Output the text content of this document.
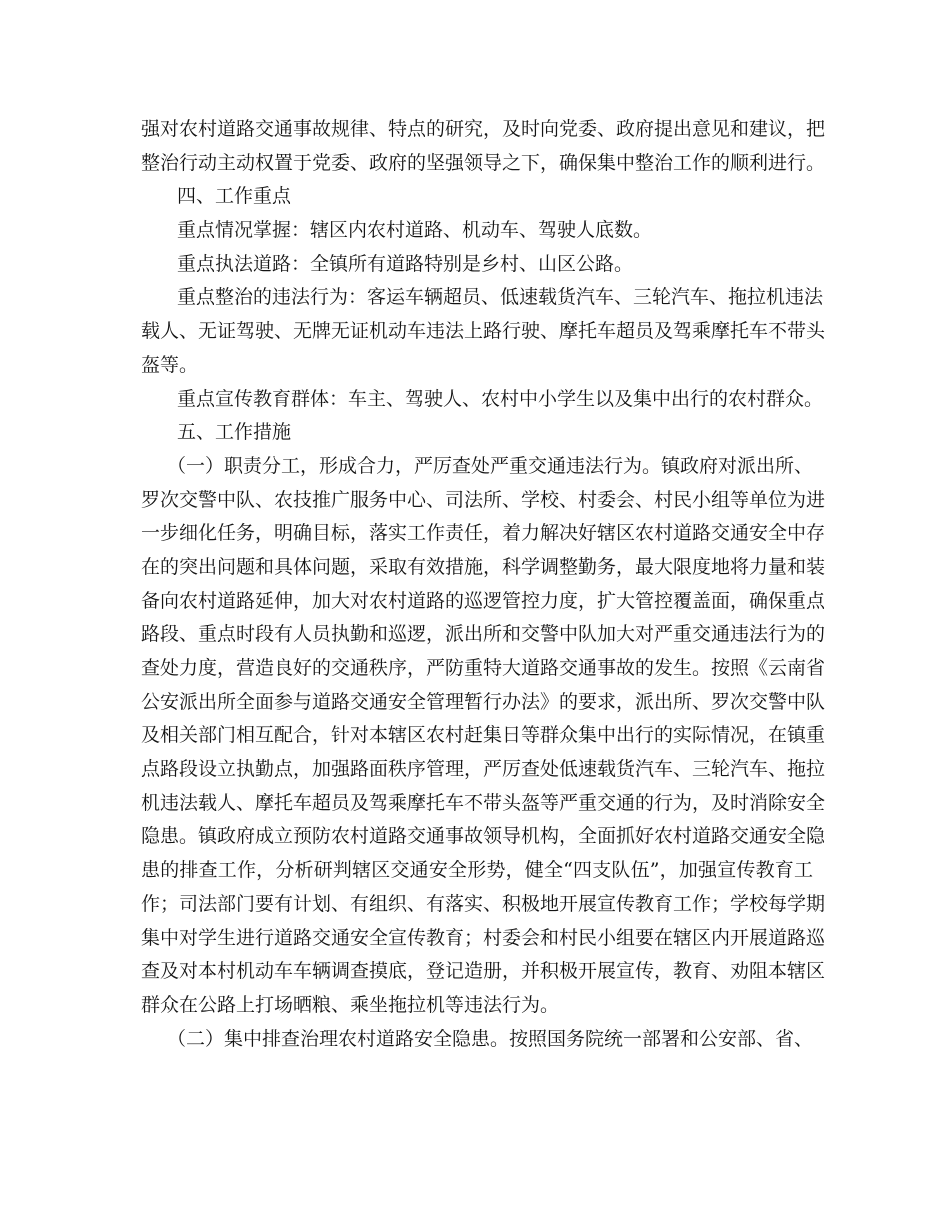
强对农村道路交通事故规律、特点的研究，及时向党委、政府提出意见和建议，把
整治行动主动权置于党委、政府的坚强领导之下，确保集中整治工作的顺利进行。
四、工作重点
重点情况掌握：辖区内农村道路、机动车、驾驶人底数。
重点执法道路：全镇所有道路特别是乡村、山区公路。
重点整治的违法行为：客运车辆超员、低速载货汽车、三轮汽车、拖拉机违法
载人、无证驾驶、无牌无证机动车违法上路行驶、摩托车超员及驾乘摩托车不带头
盔等。
重点宣传教育群体：车主、驾驶人、农村中小学生以及集中出行的农村群众。
五、工作措施
（一）职责分工，形成合力，严厉查处严重交通违法行为。镇政府对派出所、
罗次交警中队、农技推广服务中心、司法所、学校、村委会、村民小组等单位为进
一步细化任务，明确目标，落实工作责任，着力解决好辖区农村道路交通安全中存
在的突出问题和具体问题，采取有效措施，科学调整勤务，最大限度地将力量和装
备向农村道路延伸，加大对农村道路的巡逻管控力度，扩大管控覆盖面，确保重点
路段、重点时段有人员执勤和巡逻，派出所和交警中队加大对严重交通违法行为的
查处力度，营造良好的交通秩序，严防重特大道路交通事故的发生。按照《云南省
公安派出所全面参与道路交通安全管理暂行办法》的要求，派出所、罗次交警中队
及相关部门相互配合，针对本辖区农村赶集日等群众集中出行的实际情况，在镇重
点路段设立执勤点，加强路面秩序管理，严厉查处低速载货汽车、三轮汽车、拖拉
机违法载人、摩托车超员及驾乘摩托车不带头盔等严重交通的行为，及时消除安全
隐患。镇政府成立预防农村道路交通事故领导机构，全面抓好农村道路交通安全隐
患的排查工作，分析研判辖区交通安全形势，健全“四支队伍”，加强宣传教育工
作；司法部门要有计划、有组织、有落实、积极地开展宣传教育工作；学校每学期
集中对学生进行道路交通安全宣传教育；村委会和村民小组要在辖区内开展道路巡
查及对本村机动车车辆调查摸底，登记造册，并积极开展宣传，教育、劝阻本辖区
群众在公路上打场晒粮、乘坐拖拉机等违法行为。
（二）集中排查治理农村道路安全隐患。按照国务院统一部署和公安部、省、
